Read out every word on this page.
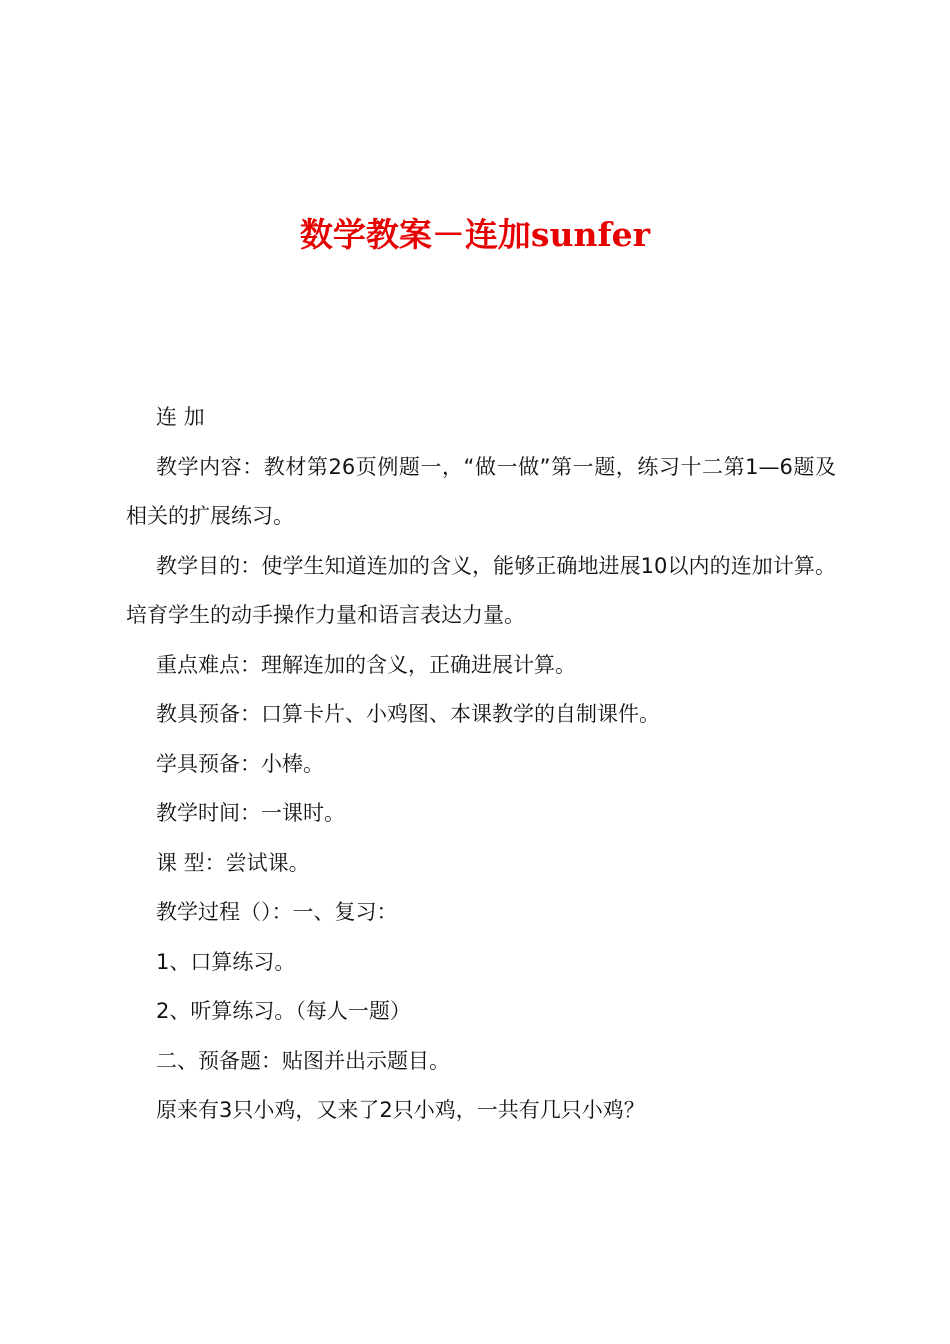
数学教案－连加sunfer

连 加

教学内容：教材第26页例题一，“做一做”第一题，练习十二第1—6题及相关的扩展练习。

教学目的：使学生知道连加的含义，能够正确地进展10以内的连加计算。培育学生的动手操作力量和语言表达力量。

重点难点：理解连加的含义，正确进展计算。

教具预备：口算卡片、小鸡图、本课教学的自制课件。

学具预备：小棒。

教学时间：一课时。

课 型：尝试课。

教学过程（）：一、复习：

1、口算练习。

2、听算练习。（每人一题）

二、预备题：贴图并出示题目。

原来有3只小鸡，又来了2只小鸡，一共有几只小鸡？
